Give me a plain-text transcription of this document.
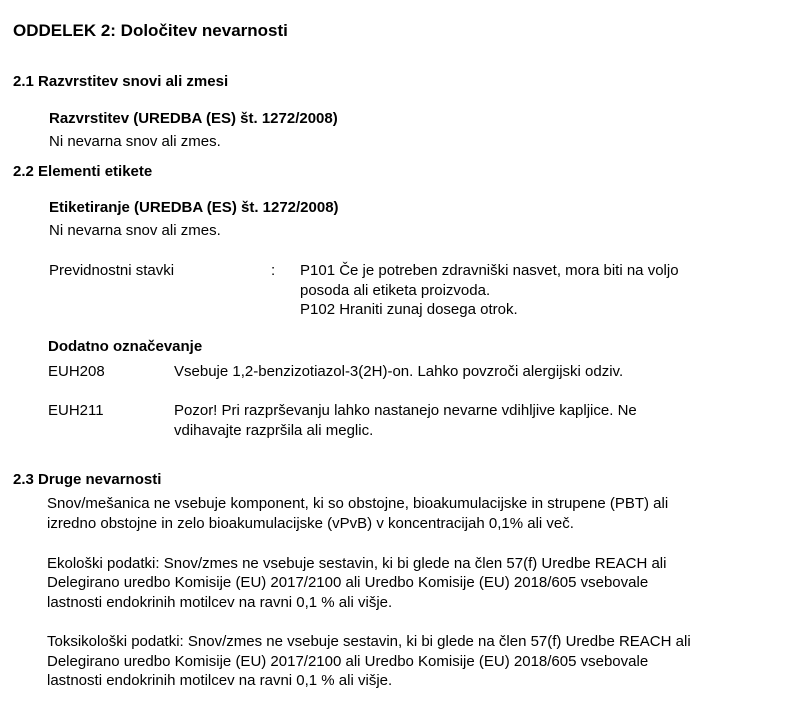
ODDELEK 2: Določitev nevarnosti
2.1 Razvrstitev snovi ali zmesi
Razvrstitev (UREDBA (ES) št. 1272/2008)
Ni nevarna snov ali zmes.
2.2 Elementi etikete
Etiketiranje (UREDBA (ES) št. 1272/2008)
Ni nevarna snov ali zmes.
Previdnostni stavki	: P101 Če je potreben zdravniški nasvet, mora biti na voljo
posoda ali etiketa proizvoda.
P102 Hraniti zunaj dosega otrok.
Dodatno označevanje
EUH208	Vsebuje 1,2-benzizotiazol-3(2H)-on. Lahko povzroči alergijski odziv.
EUH211	Pozor! Pri razprševanju lahko nastanejo nevarne vdihljive kapljice. Ne
vdihavajte razpršila ali meglic.
2.3 Druge nevarnosti
Snov/mešanica ne vsebuje komponent, ki so obstojne, bioakumulacijske in strupene (PBT) ali
izredno obstojne in zelo bioakumulacijske (vPvB) v koncentracijah 0,1% ali več.
Ekološki podatki: Snov/zmes ne vsebuje sestavin, ki bi glede na člen 57(f) Uredbe REACH ali
Delegirano uredbo Komisije (EU) 2017/2100 ali Uredbo Komisije (EU) 2018/605 vsebovale
lastnosti endokrinih motilcev na ravni 0,1 % ali višje.
Toksikološki podatki: Snov/zmes ne vsebuje sestavin, ki bi glede na člen 57(f) Uredbe REACH ali
Delegirano uredbo Komisije (EU) 2017/2100 ali Uredbo Komisije (EU) 2018/605 vsebovale
lastnosti endokrinih motilcev na ravni 0,1 % ali višje.
